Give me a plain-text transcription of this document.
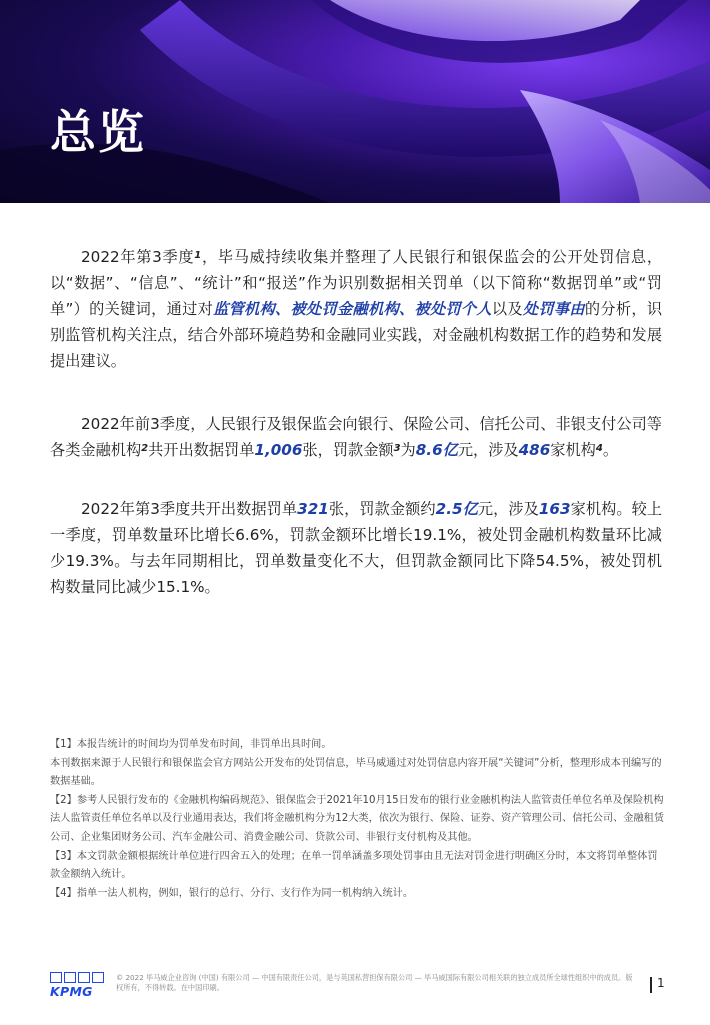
总览

2022年第3季度$^1$，毕马威持续收集并整理了人民银行和银保监会的公开处罚信息，以“数据”、“信息”、“统计”和“报送”作为识别数据相关罚单（以下简称“数据罚单”或“罚单”）的关键词，通过对监管机构、被处罚金融机构、被处罚个人以及处罚事由的分析，识别监管机构关注点，结合外部环境趋势和金融同业实践，对金融机构数据工作的趋势和发展提出建议。

2022年前3季度，人民银行及银保监会向银行、保险公司、信托公司、非银支付公司等各类金融机构$^2$共开出数据罚单1,006张，罚款金额$^3$为8.6亿元，涉及486家机构$^4$。

2022年第3季度共开出数据罚单321张，罚款金额约2.5亿元，涉及163家机构。较上一季度，罚单数量环比增长6.6%，罚款金额环比增长19.1%，被处罚金融机构数量环比减少19.3%。与去年同期相比，罚单数量变化不大，但罚款金额同比下降54.5%，被处罚机构数量同比减少15.1%。

【1】本报告统计的时间均为罚单发布时间，非罚单出具时间。

本刊数据来源于人民银行和银保监会官方网站公开发布的处罚信息，毕马威通过对处罚信息内容开展“关键词”分析，整理形成本刊编写的数据基础。

【2】参考人民银行发布的《金融机构编码规范》、银保监会于2021年10月15日发布的银行业金融机构法人监管责任单位名单及保险机构法人监管责任单位名单以及行业通用表达，我们将金融机构分为12大类，依次为银行、保险、证券、资产管理公司、信托公司、金融租赁公司、企业集团财务公司、汽车金融公司、消费金融公司、贷款公司、非银行支付机构及其他。

【3】本文罚款金额根据统计单位进行四舍五入的处理；在单一罚单涵盖多项处罚事由且无法对罚金进行明确区分时，本文将罚单整体罚款金额纳入统计。

【4】指单一法人机构，例如，银行的总行、分行、支行作为同一机构纳入统计。

KPMG
© 2022 毕马威企业咨询 (中国) 有限公司 — 中国有限责任公司，是与英国私营担保有限公司 — 毕马威国际有限公司相关联的独立成员所全球性组织中的成员。版权所有，不得转载。在中国印刷。	1
